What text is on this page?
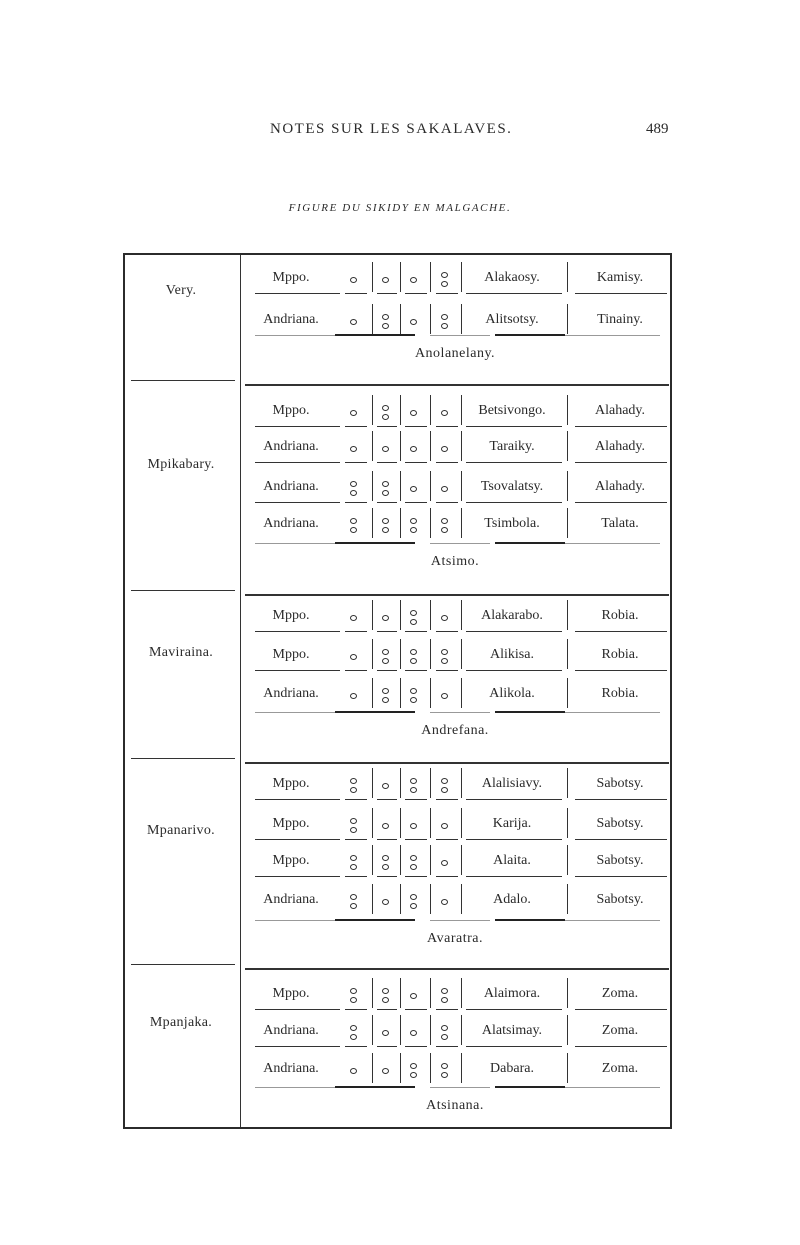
NOTES SUR LES SAKALAVES.	489
FIGURE DU SIKIDY EN MALGACHE.
Very.
Mppo.	Alakaosy.	Kamisy.
Andriana.	Alitsotsy.	Tinainy.
Anolanelany.
Mpikabary.
Mppo.	Betsivongo.	Alahady.
Andriana.	Taraiky.	Alahady.
Andriana.	Tsovalatsy.	Alahady.
Andriana.	Tsimbola.	Talata.
Atsimo.
Maviraina.
Mppo.	Alakarabo.	Robia.
Mppo.	Alikisa.	Robia.
Andriana.	Alikola.	Robia.
Andrefana.
Mpanarivo.
Mppo.	Alalisiavy.	Sabotsy.
Mppo.	Karija.	Sabotsy.
Mppo.	Alaita.	Sabotsy.
Andriana.	Adalo.	Sabotsy.
Avaratra.
Mpanjaka.
Mppo.	Alaimora.	Zoma.
Andriana.	Alatsimay.	Zoma.
Andriana.	Dabara.	Zoma.
Atsinana.
